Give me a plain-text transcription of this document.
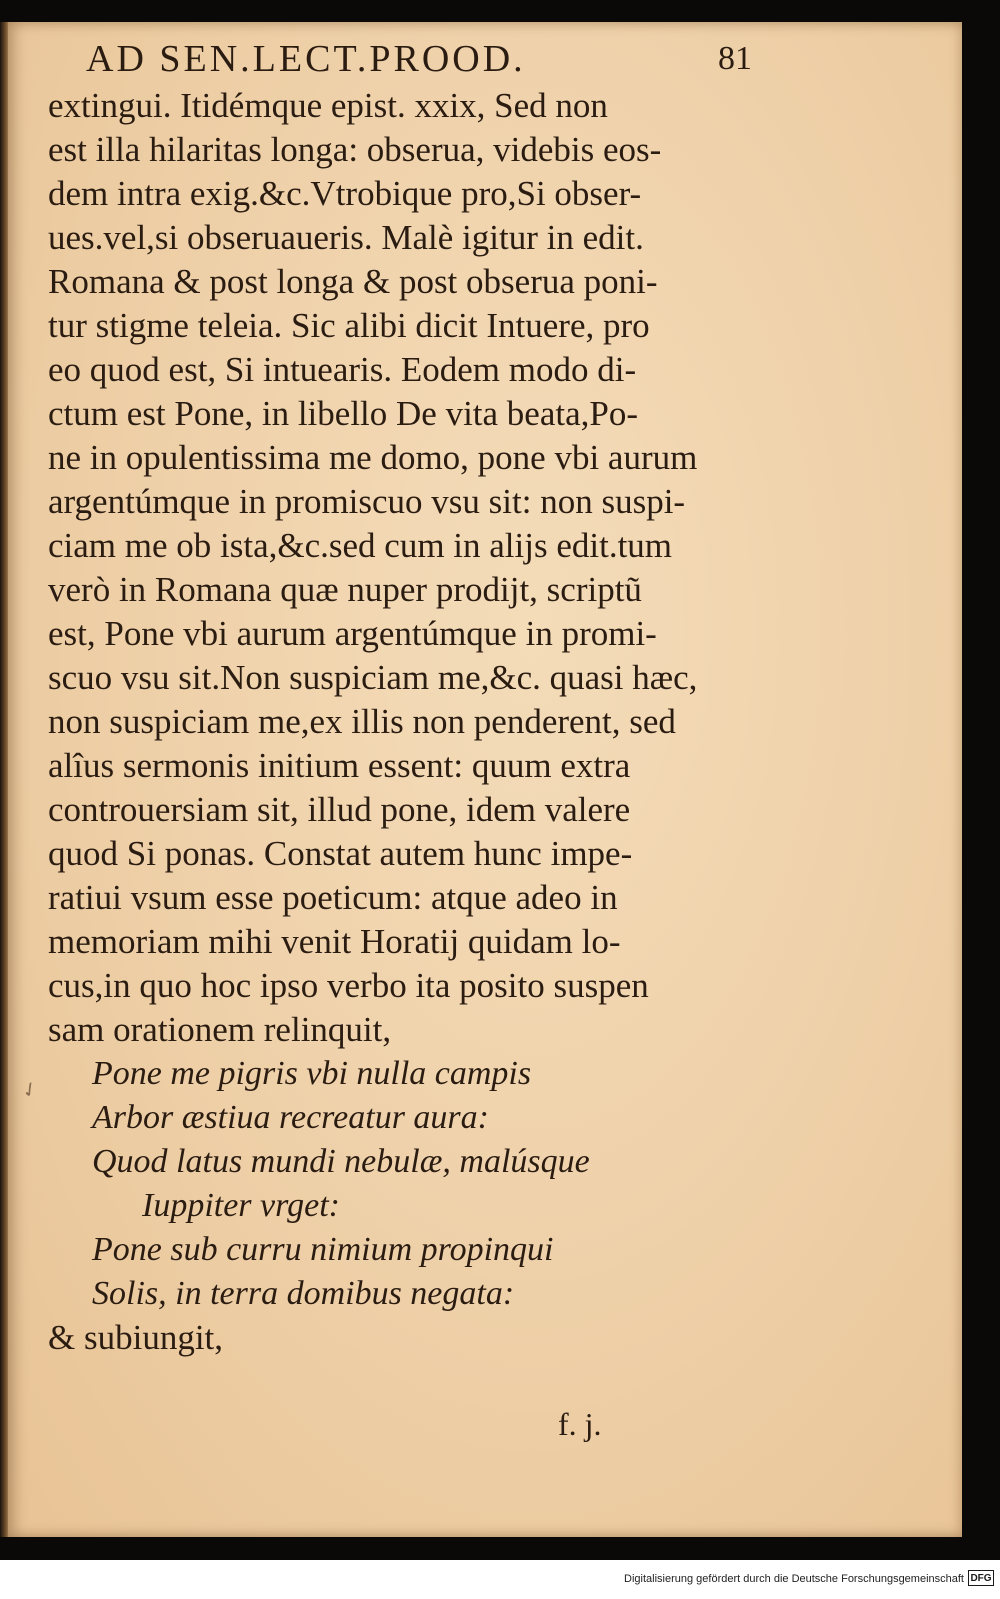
AD SEN.LECT.PROOD.	81
extingui. Itidémque epist. xxix, Sed non
est illa hilaritas longa: obserua, videbis eos-
dem intra exig.&c.Vtrobique pro,Si obser-
ues.vel,si obseruaueris. Malè igitur in edit.
Romana & post longa & post obserua poni-
tur stigme teleia. Sic alibi dicit Intuere, pro
eo quod est, Si intuearis. Eodem modo di-
ctum est Pone, in libello De vita beata,Po-
ne in opulentissima me domo, pone vbi aurum
argentúmque in promiscuo vsu sit: non suspi-
ciam me ob ista,&c.sed cum in alijs edit.tum
verò in Romana quæ nuper prodijt, scriptũ
est, Pone vbi aurum argentúmque in promi-
scuo vsu sit.Non suspiciam me,&c. quasi hæc,
non suspiciam me,ex illis non penderent, sed
alîus sermonis initium essent: quum extra
controuersiam sit, illud pone, idem valere
quod Si ponas. Constat autem hunc impe-
ratiui vsum esse poeticum: atque adeo in
memoriam mihi venit Horatij quidam lo-
cus,in quo hoc ipso verbo ita posito suspen
sam orationem relinquit,
✓	Pone me pigris vbi nulla campis
Arbor æstiua recreatur aura:
Quod latus mundi nebulæ, malúsque
Iuppiter vrget:
Pone sub curru nimium propinqui
Solis, in terra domibus negata:
& subiungit,
f. j.
Digitalisierung gefördert durch die Deutsche Forschungsgemeinschaft DFG
